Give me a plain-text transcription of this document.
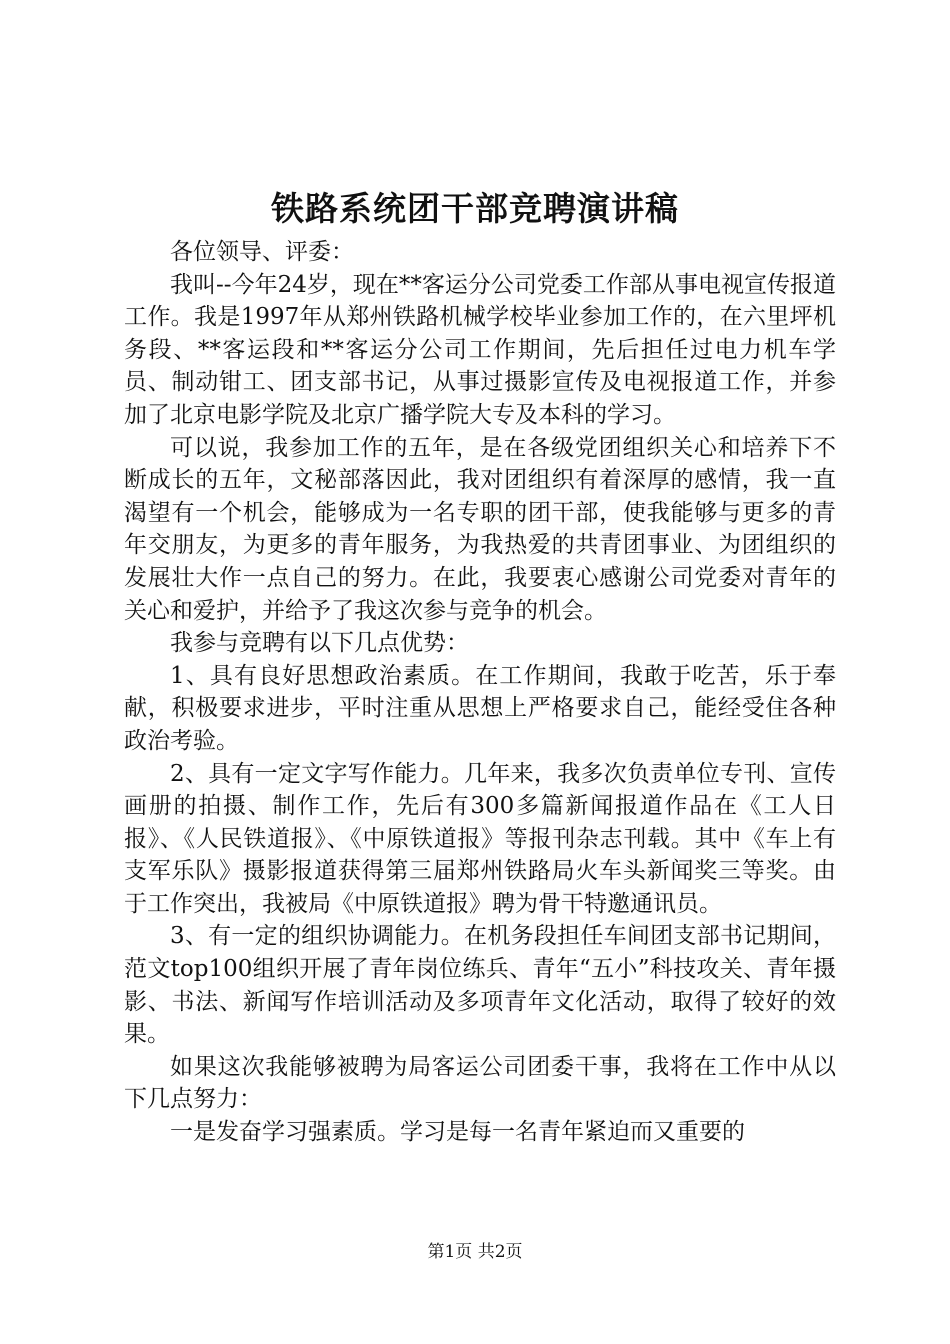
铁路系统团干部竞聘演讲稿

各位领导、评委：

我叫--今年24岁，现在**客运分公司党委工作部从事电视宣传报道工作。我是1997年从郑州铁路机械学校毕业参加工作的，在六里坪机务段、**客运段和**客运分公司工作期间，先后担任过电力机车学员、制动钳工、团支部书记，从事过摄影宣传及电视报道工作，并参加了北京电影学院及北京广播学院大专及本科的学习。

可以说，我参加工作的五年，是在各级党团组织关心和培养下不断成长的五年，文秘部落因此，我对团组织有着深厚的感情，我一直渴望有一个机会，能够成为一名专职的团干部，使我能够与更多的青年交朋友，为更多的青年服务，为我热爱的共青团事业、为团组织的发展壮大作一点自己的努力。在此，我要衷心感谢公司党委对青年的关心和爱护，并给予了我这次参与竞争的机会。

我参与竞聘有以下几点优势：

1、具有良好思想政治素质。在工作期间，我敢于吃苦，乐于奉献，积极要求进步，平时注重从思想上严格要求自己，能经受住各种政治考验。

2、具有一定文字写作能力。几年来，我多次负责单位专刊、宣传画册的拍摄、制作工作，先后有300多篇新闻报道作品在《工人日报》、《人民铁道报》、《中原铁道报》等报刊杂志刊载。其中《车上有支军乐队》摄影报道获得第三届郑州铁路局火车头新闻奖三等奖。由于工作突出，我被局《中原铁道报》聘为骨干特邀通讯员。

3、有一定的组织协调能力。在机务段担任车间团支部书记期间，范文top100组织开展了青年岗位练兵、青年“五小”科技攻关、青年摄影、书法、新闻写作培训活动及多项青年文化活动，取得了较好的效果。

如果这次我能够被聘为局客运公司团委干事，我将在工作中从以下几点努力：

一是发奋学习强素质。学习是每一名青年紧迫而又重要的

第1页 共2页
